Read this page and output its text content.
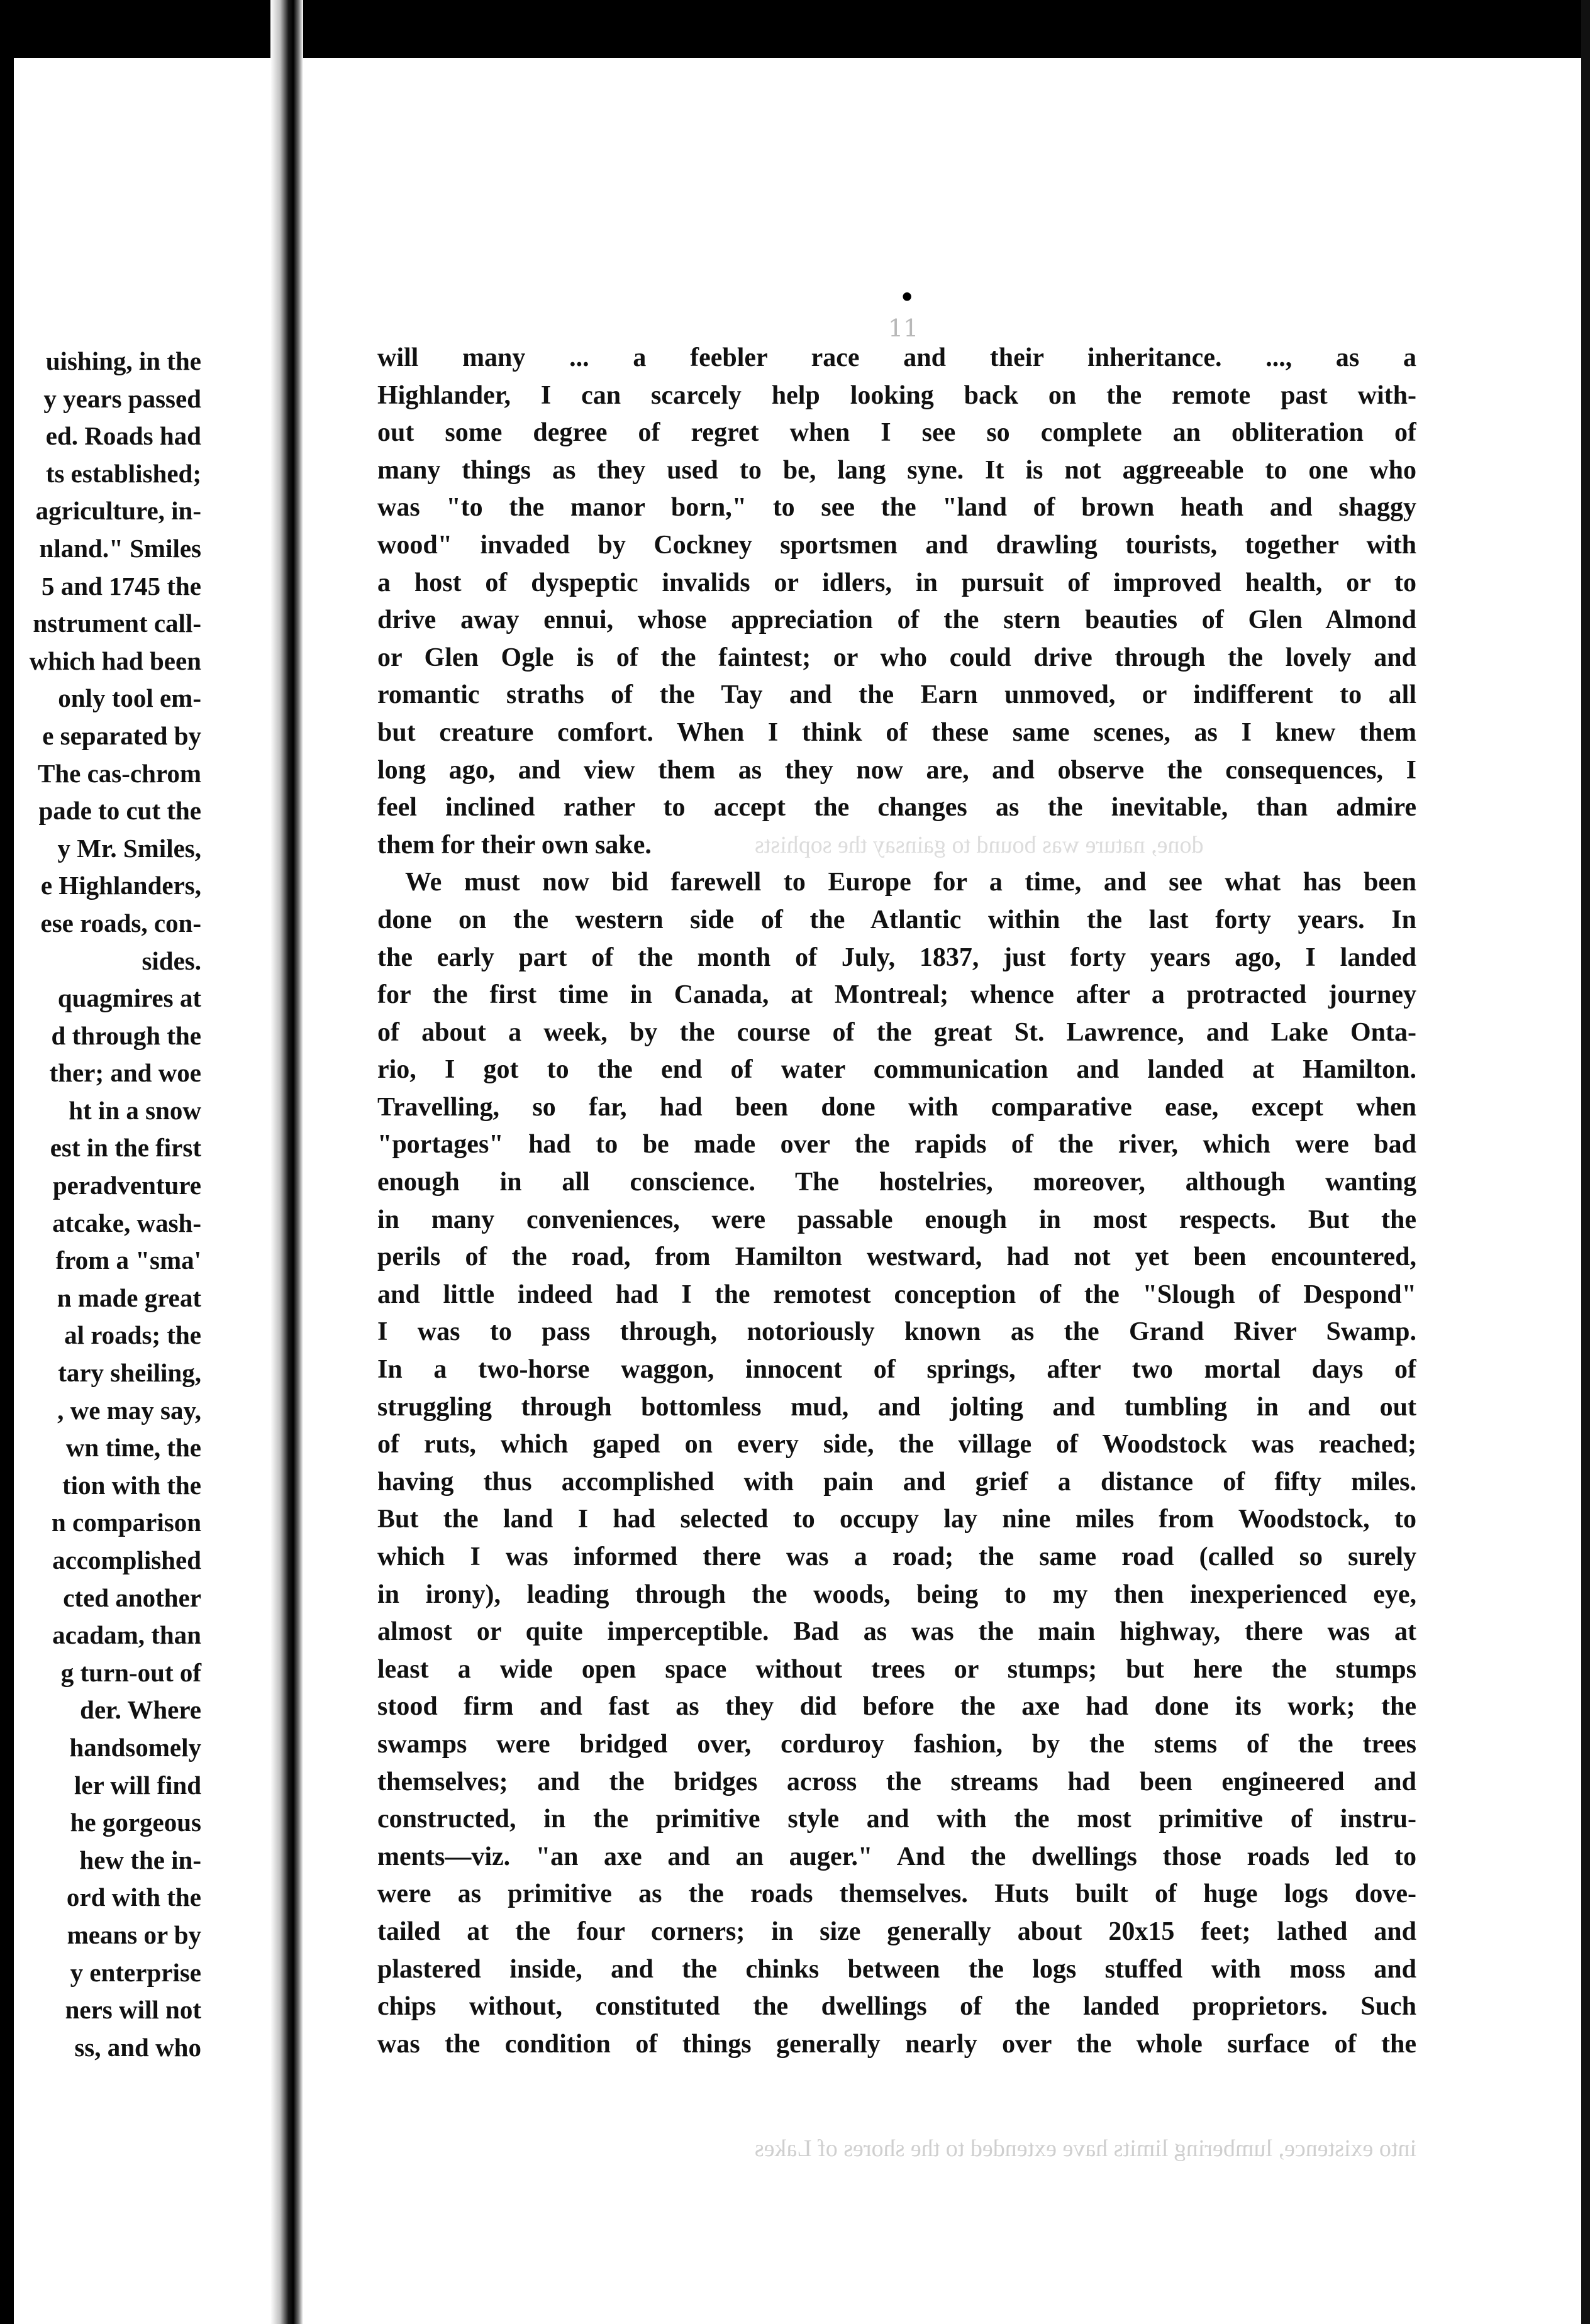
uishing, in the
y years passed
ed. Roads had
ts established;
agriculture, in-
nland." Smiles
5 and 1745 the
nstrument call-
which had been
only tool em-
e separated by
The cas-chrom
pade to cut the
y Mr. Smiles,
e Highlanders,
ese roads, con-
sides.
quagmires at
d through the
ther; and woe
ht in a snow
est in the first
peradventure
atcake, wash-
from a "sma'
n made great
al roads; the
tary sheiling,
, we may say,
wn time, the
tion with the
n comparison
accomplished
cted another
acadam, than
g turn-out of
der. Where
handsomely
ler will find
he gorgeous
hew the in-
ord with the
means or by
y enterprise
ners will not
ss, and who
•
11
done, nature was bound to gainsay the sophists
will many ... a feebler race and their inheritance. ..., as a
Highlander, I can scarcely help looking back on the remote past with-
out some degree of regret when I see so complete an obliteration of
many things as they used to be, lang syne. It is not aggreeable to one who
was "to the manor born," to see the "land of brown heath and shaggy
wood" invaded by Cockney sportsmen and drawling tourists, together with
a host of dyspeptic invalids or idlers, in pursuit of improved health, or to
drive away ennui, whose appreciation of the stern beauties of Glen Almond
or Glen Ogle is of the faintest; or who could drive through the lovely and
romantic straths of the Tay and the Earn unmoved, or indifferent to all
but creature comfort. When I think of these same scenes, as I knew them
long ago, and view them as they now are, and observe the consequences, I
feel inclined rather to accept the changes as the inevitable, than admire
them for their own sake.
We must now bid farewell to Europe for a time, and see what has been
done on the western side of the Atlantic within the last forty years. In
the early part of the month of July, 1837, just forty years ago, I landed
for the first time in Canada, at Montreal; whence after a protracted journey
of about a week, by the course of the great St. Lawrence, and Lake Onta-
rio, I got to the end of water communication and landed at Hamilton.
Travelling, so far, had been done with comparative ease, except when
"portages" had to be made over the rapids of the river, which were bad
enough in all conscience. The hostelries, moreover, although wanting
in many conveniences, were passable enough in most respects. But the
perils of the road, from Hamilton westward, had not yet been encountered,
and little indeed had I the remotest conception of the "Slough of Despond"
I was to pass through, notoriously known as the Grand River Swamp.
In a two-horse waggon, innocent of springs, after two mortal days of
struggling through bottomless mud, and jolting and tumbling in and out
of ruts, which gaped on every side, the village of Woodstock was reached;
having thus accomplished with pain and grief a distance of fifty miles.
But the land I had selected to occupy lay nine miles from Woodstock, to
which I was informed there was a road; the same road (called so surely
in irony), leading through the woods, being to my then inexperienced eye,
almost or quite imperceptible. Bad as was the main highway, there was at
least a wide open space without trees or stumps; but here the stumps
stood firm and fast as they did before the axe had done its work; the
swamps were bridged over, corduroy fashion, by the stems of the trees
themselves; and the bridges across the streams had been engineered and
constructed, in the primitive style and with the most primitive of instru-
ments—viz. "an axe and an auger." And the dwellings those roads led to
were as primitive as the roads themselves. Huts built of huge logs dove-
tailed at the four corners; in size generally about 20x15 feet; lathed and
plastered inside, and the chinks between the logs stuffed with moss and
chips without, constituted the dwellings of the landed proprietors. Such
was the condition of things generally nearly over the whole surface of the
into existence, lumbering limits have extended to the shores of Lakes
